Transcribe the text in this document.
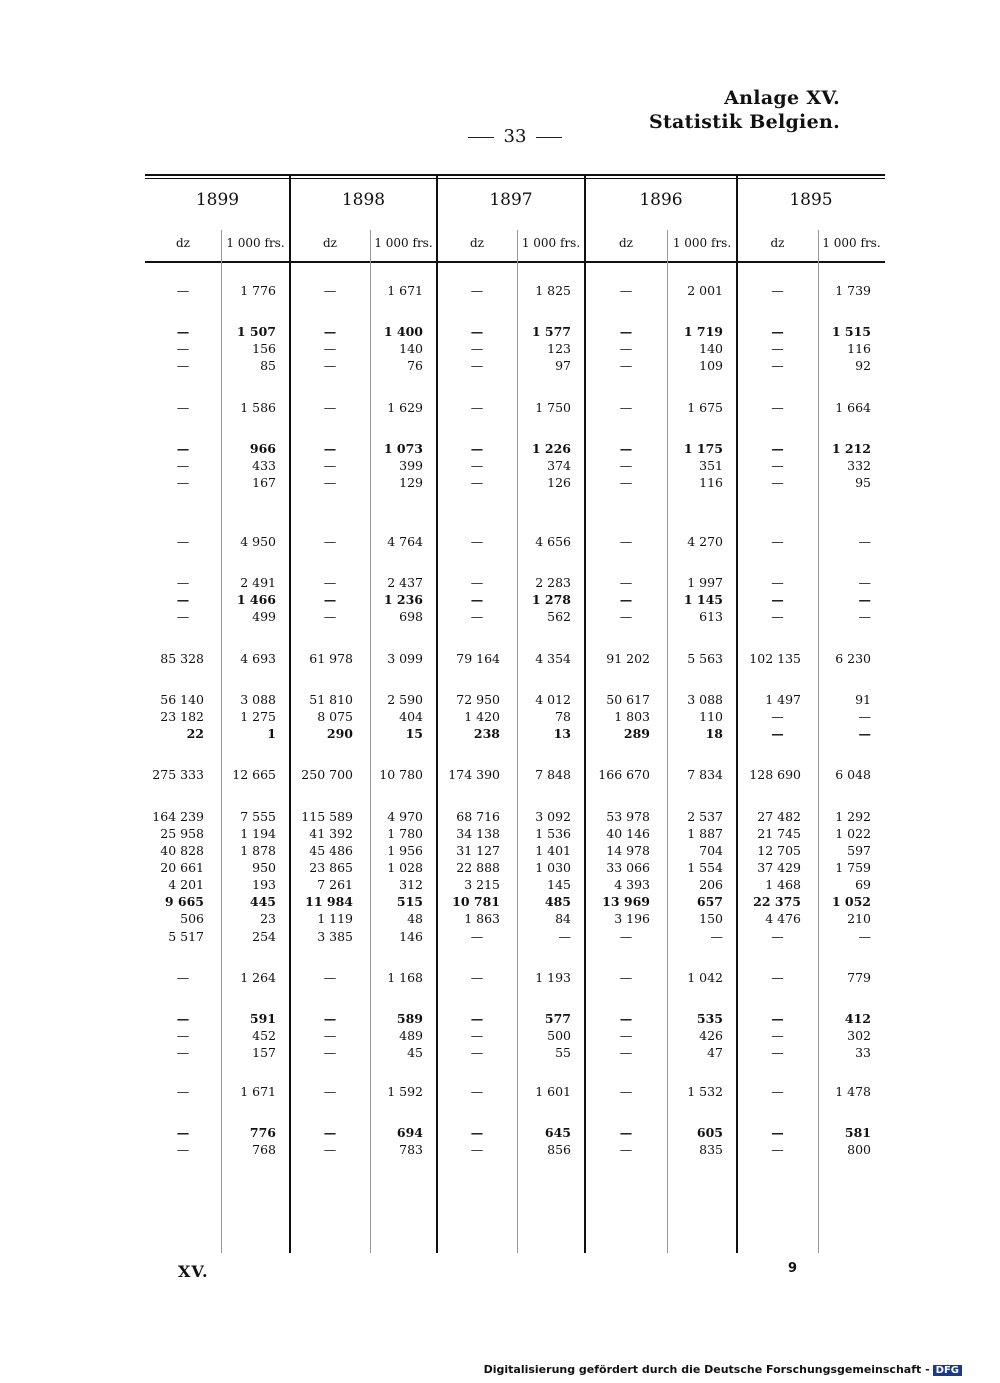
Anlage XV.
Statistik Belgien.
33
1899
dz	1 000 frs.
1898
dz	1 000 frs.
1897
dz	1 000 frs.
1896
dz	1 000 frs.
1895
dz	1 000 frs.
—	1 776	—	1 671	—	1 825	—	2 001	—	1 739
—	1 507	—	1 400	—	1 577	—	1 719	—	1 515
—	156	—	140	—	123	—	140	—	116
—	85	—	76	—	97	—	109	—	92
—	1 586	—	1 629	—	1 750	—	1 675	—	1 664
—	966	—	1 073	—	1 226	—	1 175	—	1 212
—	433	—	399	—	374	—	351	—	332
—	167	—	129	—	126	—	116	—	95
—	4 950	—	4 764	—	4 656	—	4 270	—	—
—	2 491	—	2 437	—	2 283	—	1 997	—	—
—	1 466	—	1 236	—	1 278	—	1 145	—	—
—	499	—	698	—	562	—	613	—	—
85 328	4 693	61 978	3 099	79 164	4 354	91 202	5 563	102 135	6 230
56 140	3 088	51 810	2 590	72 950	4 012	50 617	3 088	1 497	91
23 182	1 275	8 075	404	1 420	78	1 803	110	—	—
22	1	290	15	238	13	289	18	—	—
275 333	12 665	250 700	10 780	174 390	7 848	166 670	7 834	128 690	6 048
164 239	7 555	115 589	4 970	68 716	3 092	53 978	2 537	27 482	1 292
25 958	1 194	41 392	1 780	34 138	1 536	40 146	1 887	21 745	1 022
40 828	1 878	45 486	1 956	31 127	1 401	14 978	704	12 705	597
20 661	950	23 865	1 028	22 888	1 030	33 066	1 554	37 429	1 759
4 201	193	7 261	312	3 215	145	4 393	206	1 468	69
9 665	445	11 984	515	10 781	485	13 969	657	22 375	1 052
506	23	1 119	48	1 863	84	3 196	150	4 476	210
5 517	254	3 385	146	—	—	—	—	—	—
—	1 264	—	1 168	—	1 193	—	1 042	—	779
—	591	—	589	—	577	—	535	—	412
—	452	—	489	—	500	—	426	—	302
—	157	—	45	—	55	—	47	—	33
—	1 671	—	1 592	—	1 601	—	1 532	—	1 478
—	776	—	694	—	645	—	605	—	581
—	768	—	783	—	856	—	835	—	800
XV.	9
Digitalisierung gefördert durch die Deutsche Forschungsgemeinschaft - DFG
